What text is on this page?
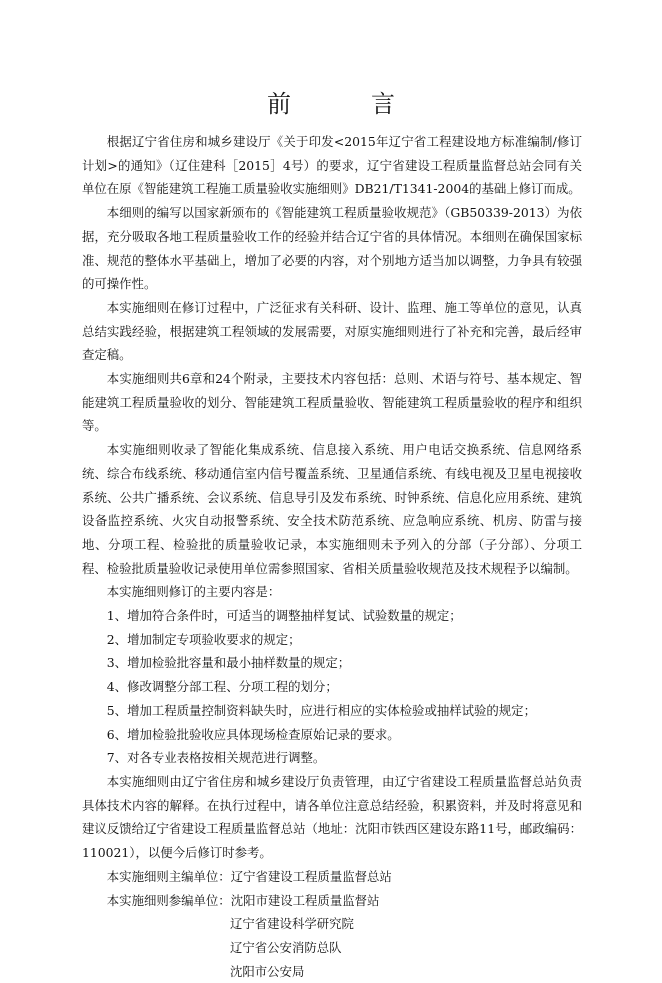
前　言

根据辽宁省住房和城乡建设厅《关于印发<2015年辽宁省工程建设地方标准编制/修订计划>的通知》（辽住建科［2015］4号）的要求，辽宁省建设工程质量监督总站会同有关单位在原《智能建筑工程施工质量验收实施细则》DB21/T1341-2004的基础上修订而成。

本细则的编写以国家新颁布的《智能建筑工程质量验收规范》（GB50339-2013）为依据，充分吸取各地工程质量验收工作的经验并结合辽宁省的具体情况。本细则在确保国家标准、规范的整体水平基础上，增加了必要的内容，对个别地方适当加以调整，力争具有较强的可操作性。

本实施细则在修订过程中，广泛征求有关科研、设计、监理、施工等单位的意见，认真总结实践经验，根据建筑工程领域的发展需要，对原实施细则进行了补充和完善，最后经审查定稿。

本实施细则共6章和24个附录，主要技术内容包括：总则、术语与符号、基本规定、智能建筑工程质量验收的划分、智能建筑工程质量验收、智能建筑工程质量验收的程序和组织等。

本实施细则收录了智能化集成系统、信息接入系统、用户电话交换系统、信息网络系统、综合布线系统、移动通信室内信号覆盖系统、卫星通信系统、有线电视及卫星电视接收系统、公共广播系统、会议系统、信息导引及发布系统、时钟系统、信息化应用系统、建筑设备监控系统、火灾自动报警系统、安全技术防范系统、应急响应系统、机房、防雷与接地、分项工程、检验批的质量验收记录，本实施细则未予列入的分部（子分部）、分项工程、检验批质量验收记录使用单位需参照国家、省相关质量验收规范及技术规程予以编制。

本实施细则修订的主要内容是：

1、增加符合条件时，可适当的调整抽样复试、试验数量的规定；

2、增加制定专项验收要求的规定；

3、增加检验批容量和最小抽样数量的规定；

4、修改调整分部工程、分项工程的划分；

5、增加工程质量控制资料缺失时，应进行相应的实体检验或抽样试验的规定；

6、增加检验批验收应具体现场检查原始记录的要求。

7、对各专业表格按相关规范进行调整。

本实施细则由辽宁省住房和城乡建设厅负责管理，由辽宁省建设工程质量监督总站负责具体技术内容的解释。在执行过程中，请各单位注意总结经验，积累资料，并及时将意见和建议反馈给辽宁省建设工程质量监督总站（地址：沈阳市铁西区建设东路11号，邮政编码：110021），以便今后修订时参考。

本实施细则主编单位： 辽宁省建设工程质量监督总站
本实施细则参编单位： 沈阳市建设工程质量监督站

辽宁省建设科学研究院

辽宁省公安消防总队

沈阳市公安局
